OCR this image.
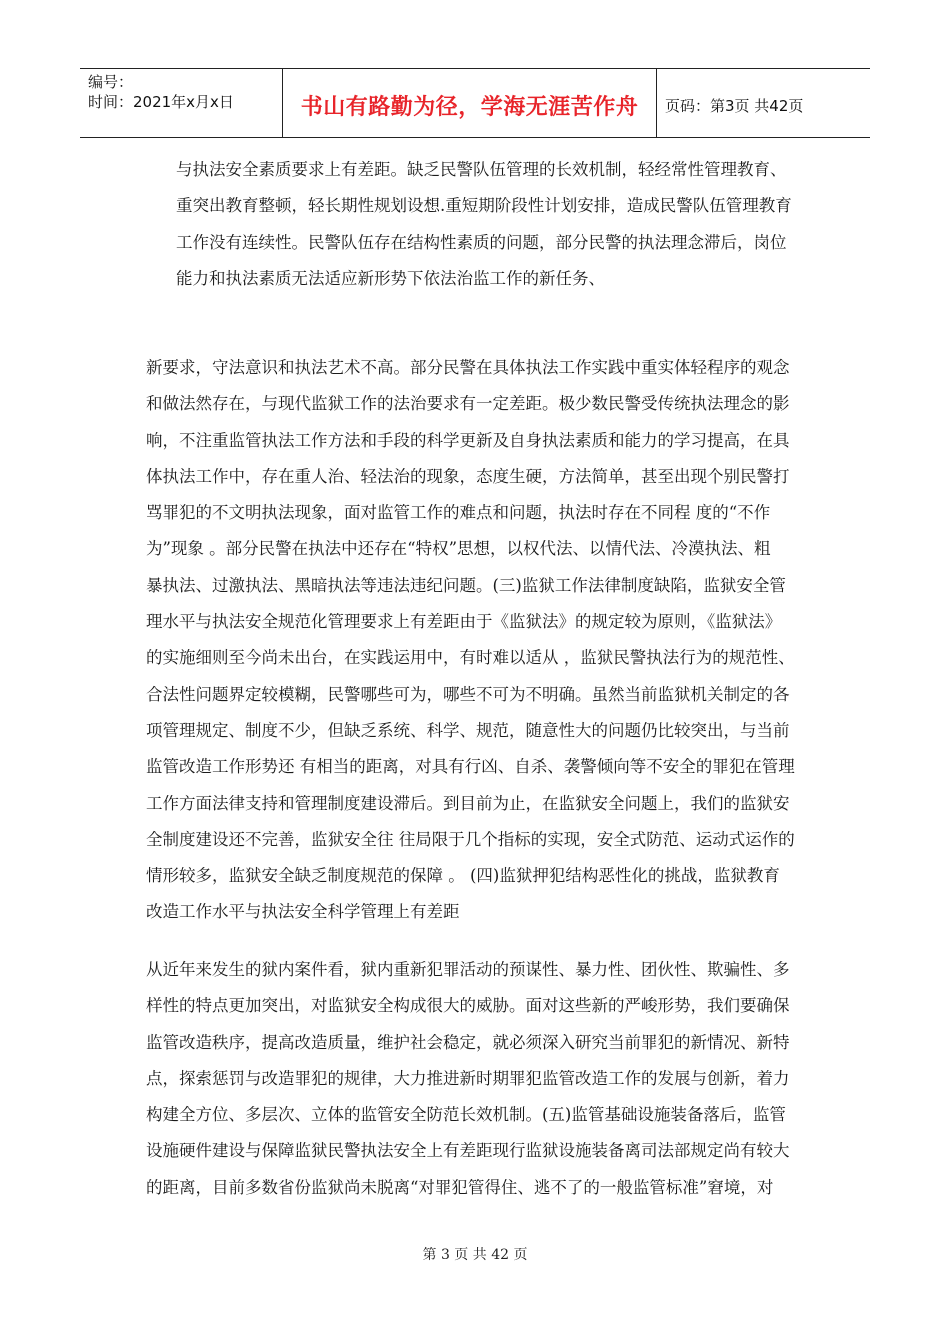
编号：
时间：2021年x月x日	书山有路勤为径，学海无涯苦作舟 页码：第3页 共42页
与执法安全素质要求上有差距。缺乏民警队伍管理的长效机制，轻经常性管理教育、
重突出教育整顿，轻长期性规划设想.重短期阶段性计划安排，造成民警队伍管理教育
工作没有连续性。民警队伍存在结构性素质的问题，部分民警的执法理念滞后，岗位
能力和执法素质无法适应新形势下依法治监工作的新任务、
新要求，守法意识和执法艺术不高。部分民警在具体执法工作实践中重实体轻程序的观念
和做法然存在，与现代监狱工作的法治要求有一定差距。极少数民警受传统执法理念的影
响，不注重监管执法工作方法和手段的科学更新及自身执法素质和能力的学习提高，在具
体执法工作中，存在重人治、轻法治的现象，态度生硬，方法简单，甚至出现个别民警打
骂罪犯的不文明执法现象，面对监管工作的难点和问题，执法时存在不同程 度的“不作
为”现象 。部分民警在执法中还存在“特权”思想，以权代法、以情代法、冷漠执法、粗
暴执法、过激执法、黑暗执法等违法违纪问题。(三)监狱工作法律制度缺陷，监狱安全管
理水平与执法安全规范化管理要求上有差距由于《监狱法》的规定较为原则，《监狱法》
的实施细则至今尚未出台，在实践运用中，有时难以适从 ，监狱民警执法行为的规范性、
合法性问题界定较模糊，民警哪些可为，哪些不可为不明确。虽然当前监狱机关制定的各
项管理规定、制度不少，但缺乏系统、科学、规范，随意性大的问题仍比较突出，与当前
监管改造工作形势还 有相当的距离，对具有行凶、自杀、袭警倾向等不安全的罪犯在管理
工作方面法律支持和管理制度建设滞后。到目前为止，在监狱安全问题上，我们的监狱安
全制度建设还不完善，监狱安全往 往局限于几个指标的实现，安全式防范、运动式运作的
情形较多，监狱安全缺乏制度规范的保障 。 (四)监狱押犯结构恶性化的挑战，监狱教育
改造工作水平与执法安全科学管理上有差距
从近年来发生的狱内案件看，狱内重新犯罪活动的预谋性、暴力性、团伙性、欺骗性、多
样性的特点更加突出，对监狱安全构成很大的威胁。面对这些新的严峻形势，我们要确保
监管改造秩序，提高改造质量，维护社会稳定，就必须深入研究当前罪犯的新情况、新特
点，探索惩罚与改造罪犯的规律，大力推进新时期罪犯监管改造工作的发展与创新，着力
构建全方位、多层次、立体的监管安全防范长效机制。(五)监管基础设施装备落后，监管
设施硬件建设与保障监狱民警执法安全上有差距现行监狱设施装备离司法部规定尚有较大
的距离，目前多数省份监狱尚未脱离“对罪犯管得住、逃不了的一般监管标准”窘境，对
第 3 页 共 42 页
